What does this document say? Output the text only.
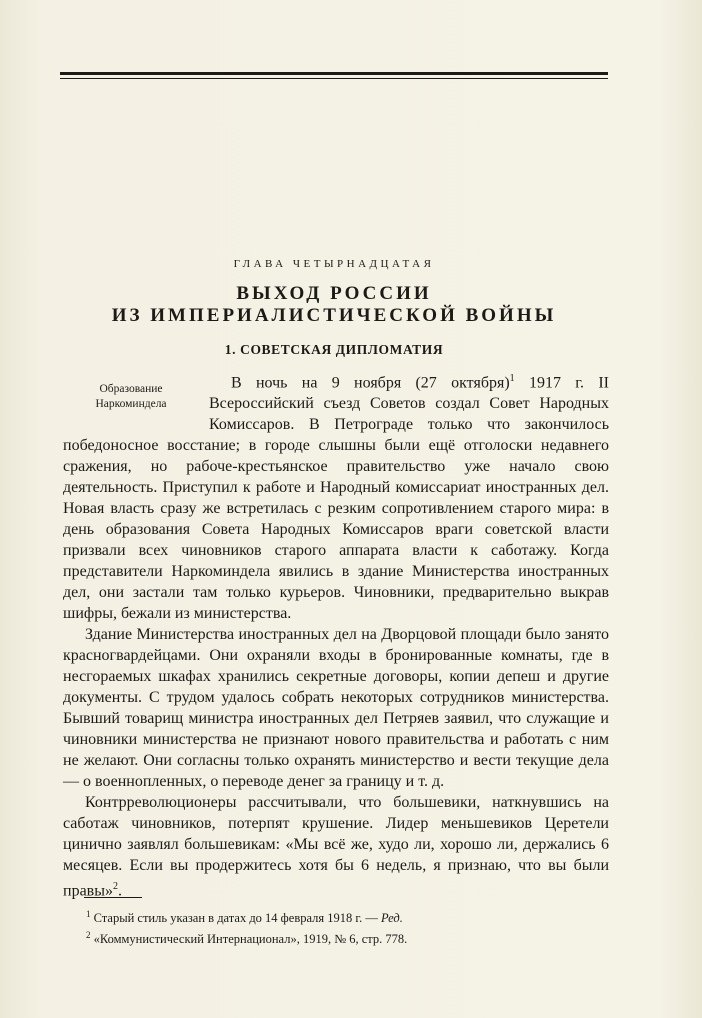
ГЛАВА ЧЕТЫРНАДЦАТАЯ
ВЫХОД РОССИИ
ИЗ ИМПЕРИАЛИСТИЧЕСКОЙ ВОЙНЫ
1. СОВЕТСКАЯ ДИПЛОМАТИЯ
Образование
Наркоминдела

В ночь на 9 ноября (27 октября)$^1$ 1917 г. II Всероссийский съезд Советов создал Совет Народных Комиссаров. В Петрограде только что закончилось победоносное восстание; в городе слышны были ещё отголоски недавнего сражения, но рабоче-крестьянское правительство уже начало свою деятельность. Приступил к работе и Народный комиссариат иностранных дел. Новая власть сразу же встретилась с резким сопротивлением старого мира: в день образования Совета Народных Комиссаров враги советской власти призвали всех чиновников старого аппарата власти к саботажу. Когда представители Наркоминдела явились в здание Министерства иностранных дел, они застали там только курьеров. Чиновники, предварительно выкрав шифры, бежали из министерства.

Здание Министерства иностранных дел на Дворцовой площади было занято красногвардейцами. Они охраняли входы в бронированные комнаты, где в несгораемых шкафах хранились секретные договоры, копии депеш и другие документы. С трудом удалось собрать некоторых сотрудников министерства. Бывший товарищ министра иностранных дел Петряев заявил, что служащие и чиновники министерства не признают нового правительства и работать с ним не желают. Они согласны только охранять министерство и вести текущие дела — о военнопленных, о переводе денег за границу и т. д.

Контрреволюционеры рассчитывали, что большевики, наткнувшись на саботаж чиновников, потерпят крушение. Лидер меньшевиков Церетели цинично заявлял большевикам: «Мы всё же, худо ли, хорошо ли, держались 6 месяцев. Если вы продержитесь хотя бы 6 недель, я признаю, что вы были правы»$^2$.

$^1$ Старый стиль указан в датах до 14 февраля 1918 г. — Ред.

$^2$ «Коммунистический Интернационал», 1919, № 6, стр. 778.
